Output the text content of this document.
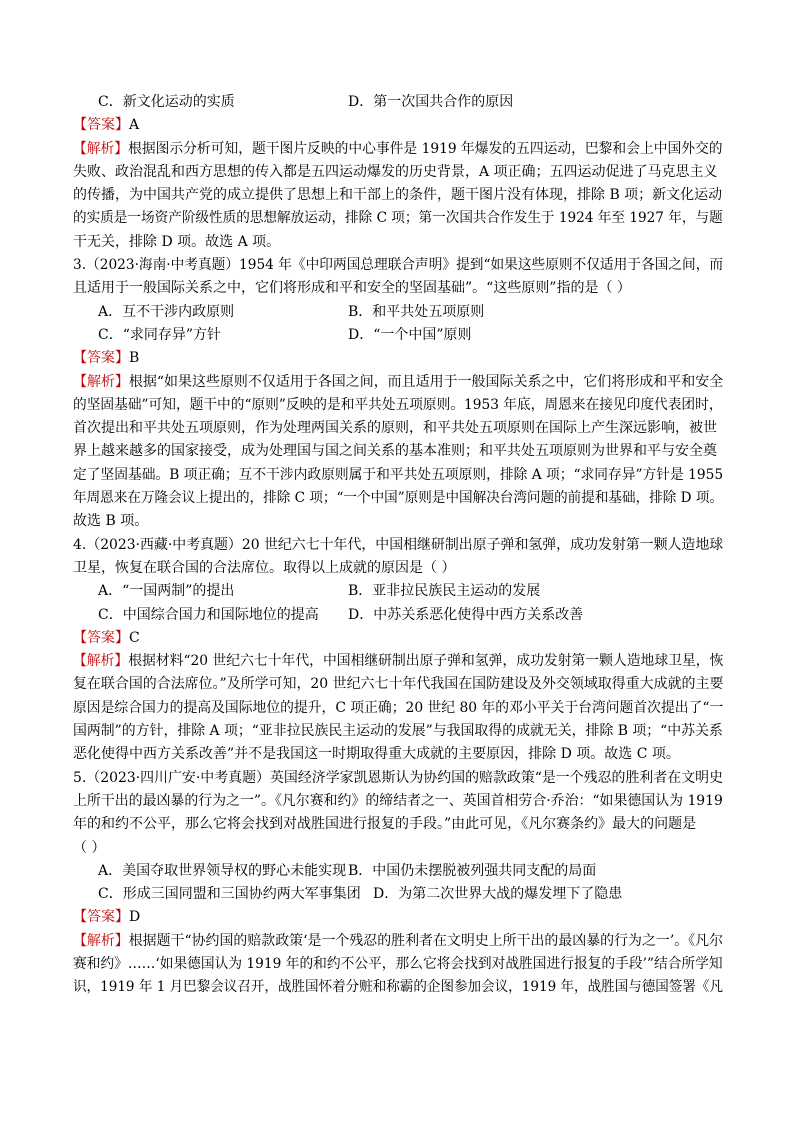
C．新文化运动的实质	D．第一次国共合作的原因
【答案】A
【解析】根据图示分析可知，题干图片反映的中心事件是 1919 年爆发的五四运动，巴黎和会上中国外交的
失败、政治混乱和西方思想的传入都是五四运动爆发的历史背景，A 项正确；五四运动促进了马克思主义
的传播，为中国共产党的成立提供了思想上和干部上的条件，题干图片没有体现，排除 B 项；新文化运动
的实质是一场资产阶级性质的思想解放运动，排除 C 项；第一次国共合作发生于 1924 年至 1927 年，与题
干无关，排除 D 项。故选 A 项。
3.（2023·海南·中考真题）1954 年《中印两国总理联合声明》提到“如果这些原则不仅适用于各国之间，而
且适用于一般国际关系之中，它们将形成和平和安全的坚固基础”。“这些原则”指的是（ ）
A．互不干涉内政原则	B．和平共处五项原则
C．“求同存异”方针	D．“一个中国”原则
【答案】B
【解析】根据“如果这些原则不仅适用于各国之间，而且适用于一般国际关系之中，它们将形成和平和安全
的坚固基础”可知，题干中的“原则”反映的是和平共处五项原则。1953 年底，周恩来在接见印度代表团时，
首次提出和平共处五项原则，作为处理两国关系的原则，和平共处五项原则在国际上产生深远影响，被世
界上越来越多的国家接受，成为处理国与国之间关系的基本准则；和平共处五项原则为世界和平与安全奠
定了坚固基础。B 项正确；互不干涉内政原则属于和平共处五项原则，排除 A 项；“求同存异”方针是 1955
年周恩来在万隆会议上提出的，排除 C 项；“一个中国”原则是中国解决台湾问题的前提和基础，排除 D 项。
故选 B 项。
4.（2023·西藏·中考真题）20 世纪六七十年代，中国相继研制出原子弹和氢弹，成功发射第一颗人造地球
卫星，恢复在联合国的合法席位。取得以上成就的原因是（ ）
A．“一国两制”的提出	B．亚非拉民族民主运动的发展
C．中国综合国力和国际地位的提高 D．中苏关系恶化使得中西方关系改善
【答案】C
【解析】根据材料“20 世纪六七十年代，中国相继研制出原子弹和氢弹，成功发射第一颗人造地球卫星，恢
复在联合国的合法席位。”及所学可知，20 世纪六七十年代我国在国防建设及外交领域取得重大成就的主要
原因是综合国力的提高及国际地位的提升，C 项正确；20 世纪 80 年的邓小平关于台湾问题首次提出了“一
国两制”的方针，排除 A 项；“亚非拉民族民主运动的发展”与我国取得的成就无关，排除 B 项；“中苏关系
恶化使得中西方关系改善”并不是我国这一时期取得重大成就的主要原因，排除 D 项。故选 C 项。
5.（2023·四川广安·中考真题）英国经济学家凯恩斯认为协约国的赔款政策“是一个残忍的胜利者在文明史
上所干出的最凶暴的行为之一”。《凡尔赛和约》的缔结者之一、英国首相劳合·乔治：“如果德国认为 1919
年的和约不公平，那么它将会找到对战胜国进行报复的手段。”由此可见，《凡尔赛条约》最大的问题是
（ ）
A．美国夺取世界领导权的野心未能实现 B．中国仍未摆脱被列强共同支配的局面
C．形成三国同盟和三国协约两大军事集团 D．为第二次世界大战的爆发埋下了隐患
【答案】D
【解析】根据题干“协约国的赔款政策‘是一个残忍的胜利者在文明史上所干出的最凶暴的行为之一’。《凡尔
赛和约》……‘如果德国认为 1919 年的和约不公平，那么它将会找到对战胜国进行报复的手段’”结合所学知
识，1919 年 1 月巴黎会议召开，战胜国怀着分赃和称霸的企图参加会议，1919 年，战胜国与德国签署《凡
